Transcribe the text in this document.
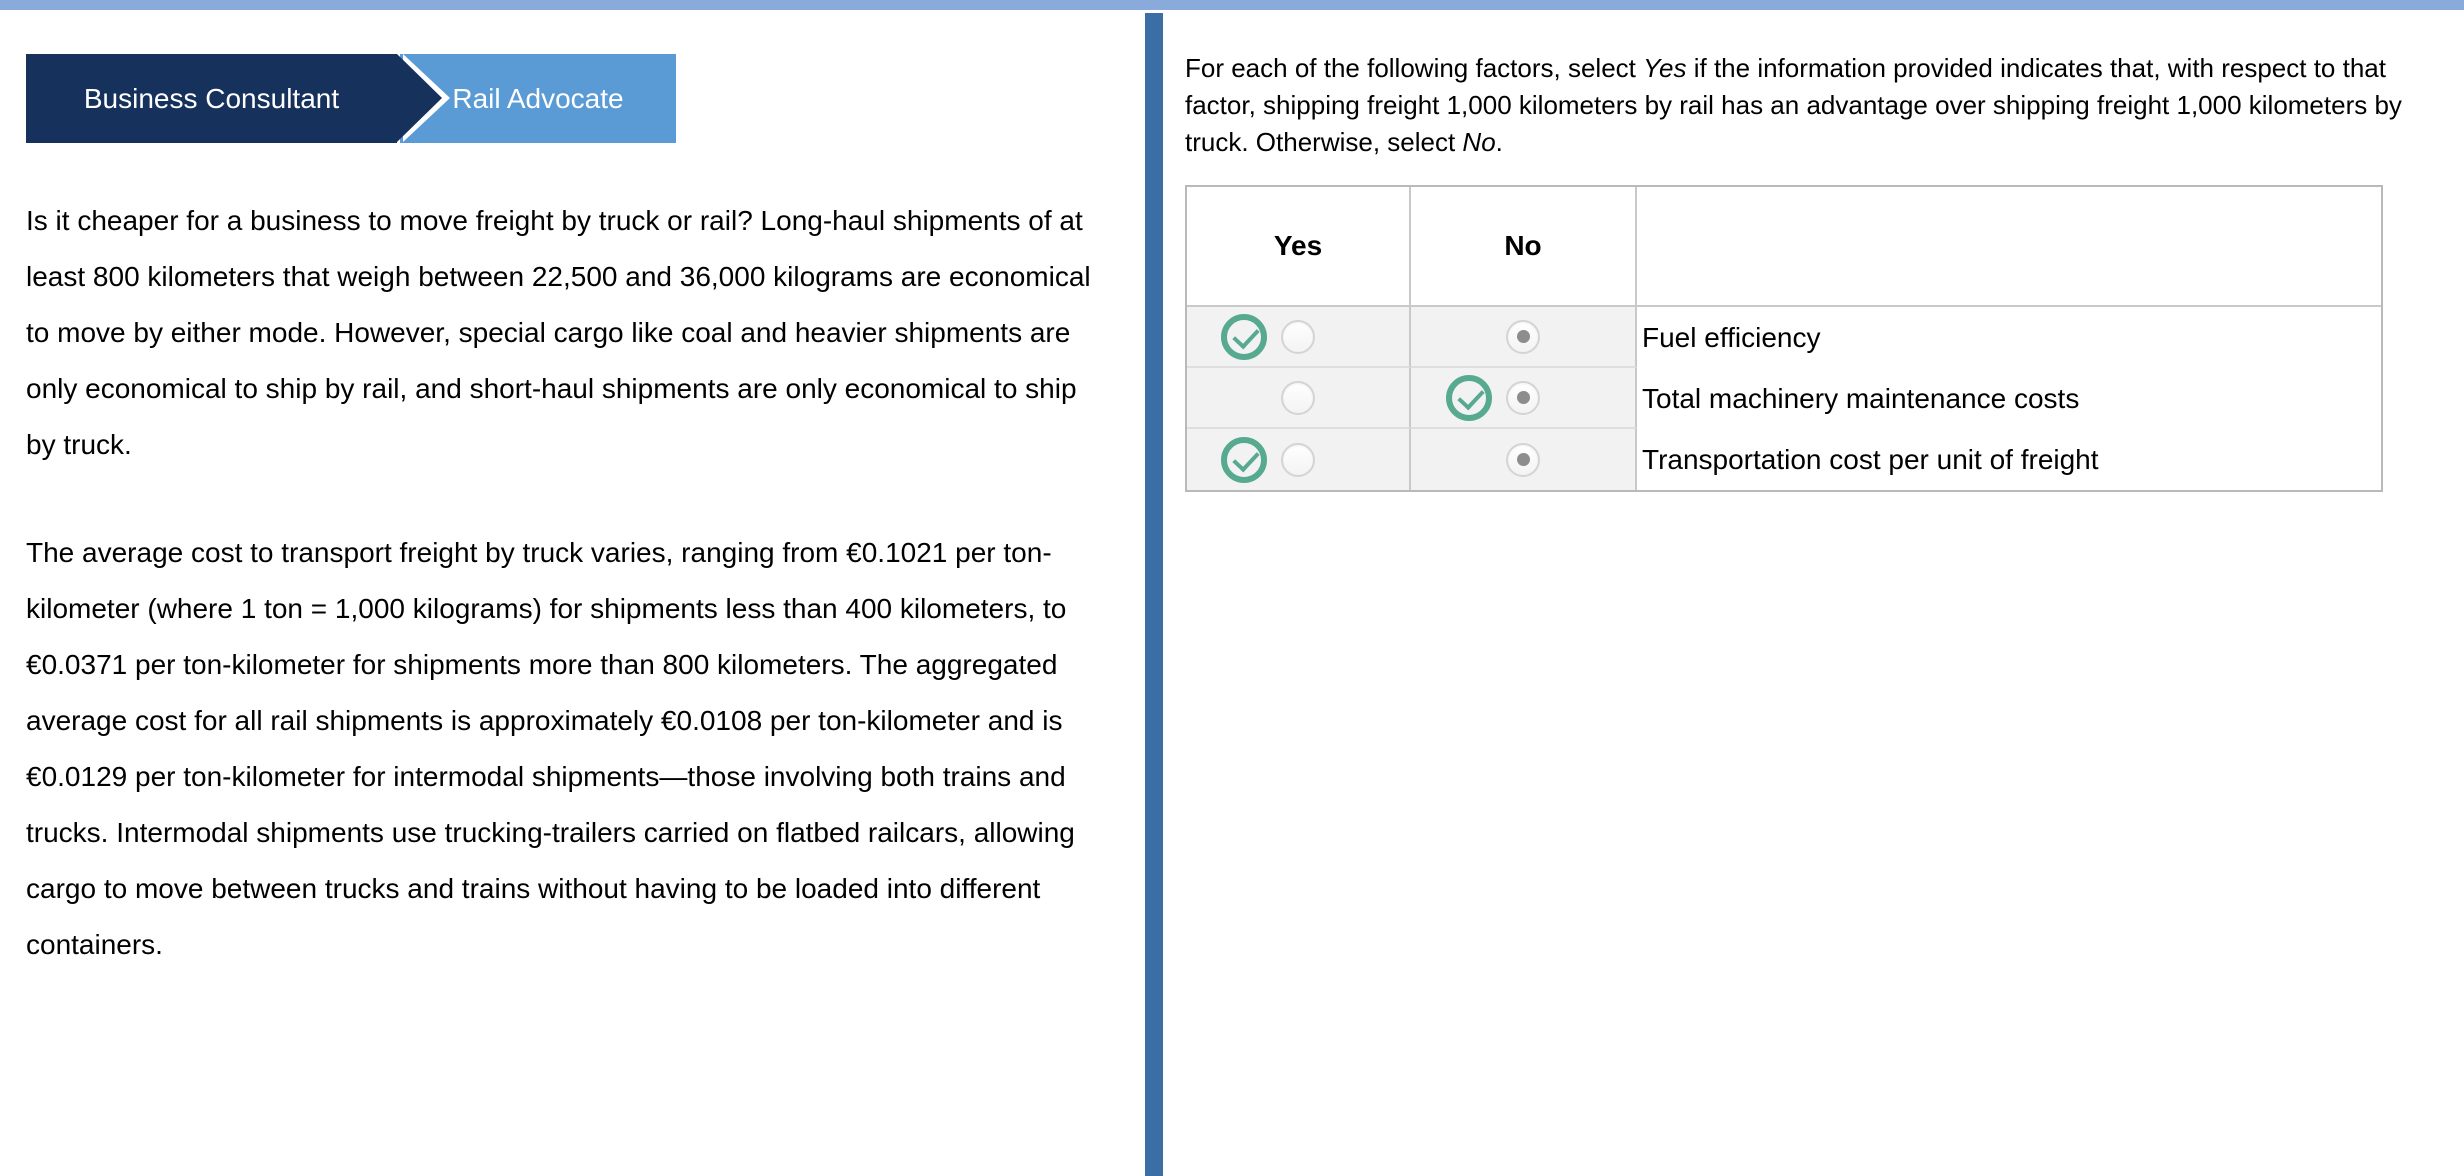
Rail Advocate
Business Consultant

Is it cheaper for a business to move freight by truck or rail? Long-haul shipments of at least 800 kilometers that weigh between 22,500 and 36,000 kilograms are economical to move by either mode. However, special cargo like coal and heavier shipments are only economical to ship by rail, and short-haul shipments are only economical to ship by truck.

The average cost to transport freight by truck varies, ranging from €0.1021 per ton-kilometer (where 1 ton = 1,000 kilograms) for shipments less than 400 kilometers, to €0.0371 per ton-kilometer for shipments more than 800 kilometers. The aggregated average cost for all rail shipments is approximately €0.0108 per ton-kilometer and is €0.0129 per ton-kilometer for intermodal shipments—those involving both trains and trucks. Intermodal shipments use trucking-trailers carried on flatbed railcars, allowing cargo to move between trucks and trains without having to be loaded into different containers.

For each of the following factors, select Yes if the information provided indicates that, with respect to that factor, shipping freight 1,000 kilometers by rail has an advantage over shipping freight 1,000 kilometers by truck. Otherwise, select No.
Yes	No
Fuel efficiency
Total machinery maintenance costs
Transportation cost per unit of freight
